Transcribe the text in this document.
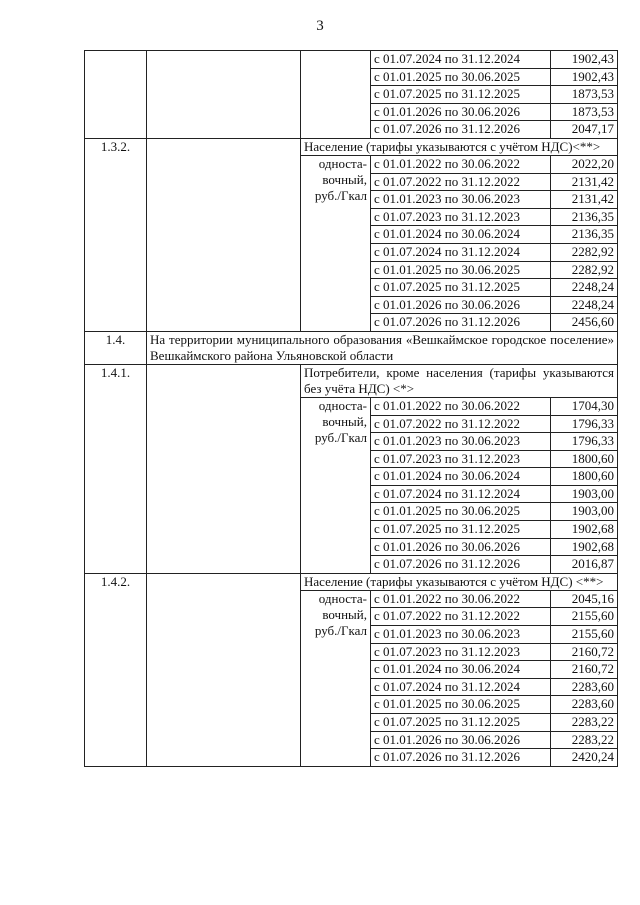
3
			с 01.07.2024 по 31.12.2024	1902,43
			с 01.01.2025 по 30.06.2025	1902,43
			с 01.07.2025 по 31.12.2025	1873,53
			с 01.01.2026 по 30.06.2026	1873,53
			с 01.07.2026 по 31.12.2026	2047,17
1.3.2.		Население (тарифы указываются с учётом НДС)<**>		
		односта-вочный, руб./Гкал	с 01.01.2022 по 30.06.2022	2022,20
			с 01.07.2022 по 31.12.2022	2131,42
			с 01.01.2023 по 30.06.2023	2131,42
			с 01.07.2023 по 31.12.2023	2136,35
			с 01.01.2024 по 30.06.2024	2136,35
			с 01.07.2024 по 31.12.2024	2282,92
			с 01.01.2025 по 30.06.2025	2282,92
			с 01.07.2025 по 31.12.2025	2248,24
			с 01.01.2026 по 30.06.2026	2248,24
			с 01.07.2026 по 31.12.2026	2456,60
1.4.	На территории муниципального образования «Вешкаймское городское поселение» Вешкаймского района Ульяновской области			
1.4.1.		Потребители, кроме населения (тарифы указываются без учёта НДС) <*>		
		односта-вочный, руб./Гкал	с 01.01.2022 по 30.06.2022	1704,30
			с 01.07.2022 по 31.12.2022	1796,33
			с 01.01.2023 по 30.06.2023	1796,33
			с 01.07.2023 по 31.12.2023	1800,60
			с 01.01.2024 по 30.06.2024	1800,60
			с 01.07.2024 по 31.12.2024	1903,00
			с 01.01.2025 по 30.06.2025	1903,00
			с 01.07.2025 по 31.12.2025	1902,68
			с 01.01.2026 по 30.06.2026	1902,68
			с 01.07.2026 по 31.12.2026	2016,87
1.4.2.		Население (тарифы указываются с учётом НДС) <**>		
		односта-вочный, руб./Гкал	с 01.01.2022 по 30.06.2022	2045,16
			с 01.07.2022 по 31.12.2022	2155,60
			с 01.01.2023 по 30.06.2023	2155,60
			с 01.07.2023 по 31.12.2023	2160,72
			с 01.01.2024 по 30.06.2024	2160,72
			с 01.07.2024 по 31.12.2024	2283,60
			с 01.01.2025 по 30.06.2025	2283,60
			с 01.07.2025 по 31.12.2025	2283,22
			с 01.01.2026 по 30.06.2026	2283,22
			с 01.07.2026 по 31.12.2026	2420,24
